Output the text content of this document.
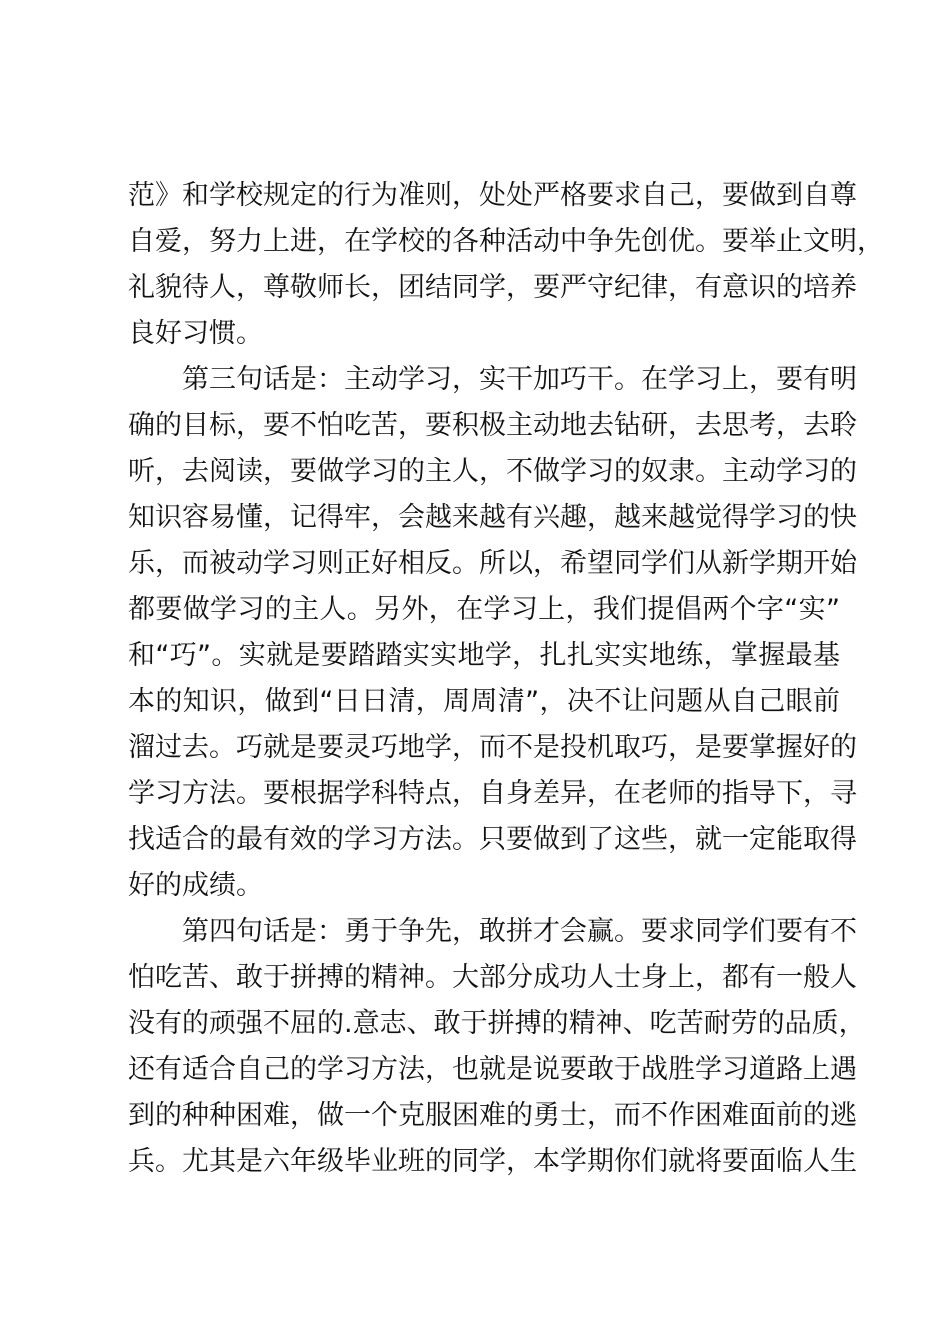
范 》 和 学 校 规 定 的 行 为 准 则 ， 处 处 严 格 要 求 自 己 ， 要 做 到 自 尊
自 爱 ， 努 力 上 进 ， 在 学 校 的 各 种 活 动 中 争 先 创 优 。 要 举 止 文 明 ，
礼 貌 待 人 ， 尊 敬 师 长 ， 团 结 同 学 ， 要 严 守 纪 律 ， 有 意 识 的 培 养
良好习惯。
第 三 句 话 是 ： 主 动 学 习 ， 实 干 加 巧 干 。 在 学 习 上 ， 要 有 明
确 的 目 标 ， 要 不 怕 吃 苦 ， 要 积 极 主 动 地 去 钻 研 ， 去 思 考 ， 去 聆
听 ， 去 阅 读 ， 要 做 学 习 的 主 人 ， 不 做 学 习 的 奴 隶 。 主 动 学 习 的
知 识 容 易 懂 ， 记 得 牢 ， 会 越 来 越 有 兴 趣 ， 越 来 越 觉 得 学 习 的 快
乐 ， 而 被 动 学 习 则 正 好 相 反 。 所 以 ， 希 望 同 学 们 从 新 学 期 开 始
都 要 做 学 习 的 主 人 。 另 外 ， 在 学 习 上 ， 我 们 提 倡 两 个 字 “ 实 ”
和 “ 巧 ” 。 实 就 是 要 踏 踏 实 实 地 学 ， 扎 扎 实 实 地 练 ， 掌 握 最 基
本 的 知 识 ， 做 到 “ 日 日 清 ， 周 周 清 ” ， 决 不 让 问 题 从 自 己 眼 前
溜 过 去 。 巧 就 是 要 灵 巧 地 学 ， 而 不 是 投 机 取 巧 ， 是 要 掌 握 好 的
学 习 方 法 。 要 根 据 学 科 特 点 ， 自 身 差 异 ， 在 老 师 的 指 导 下 ， 寻
找 适 合 的 最 有 效 的 学 习 方 法 。 只 要 做 到 了 这 些 ， 就 一 定 能 取 得
好的成绩。
第 四 句 话 是 ： 勇 于 争 先 ， 敢 拼 才 会 赢 。 要 求 同 学 们 要 有 不
怕 吃 苦 、 敢 于 拼 搏 的 精 神 。 大 部 分 成 功 人 士 身 上 ， 都 有 一 般 人
没 有 的 顽 强 不 屈 的 . 意 志 、 敢 于 拼 搏 的 精 神 、 吃 苦 耐 劳 的 品 质 ，
还 有 适 合 自 己 的 学 习 方 法 ， 也 就 是 说 要 敢 于 战 胜 学 习 道 路 上 遇
到 的 种 种 困 难 ， 做 一 个 克 服 困 难 的 勇 士 ， 而 不 作 困 难 面 前 的 逃
兵 。 尤 其 是 六 年 级 毕 业 班 的 同 学 ， 本 学 期 你 们 就 将 要 面 临 人 生
